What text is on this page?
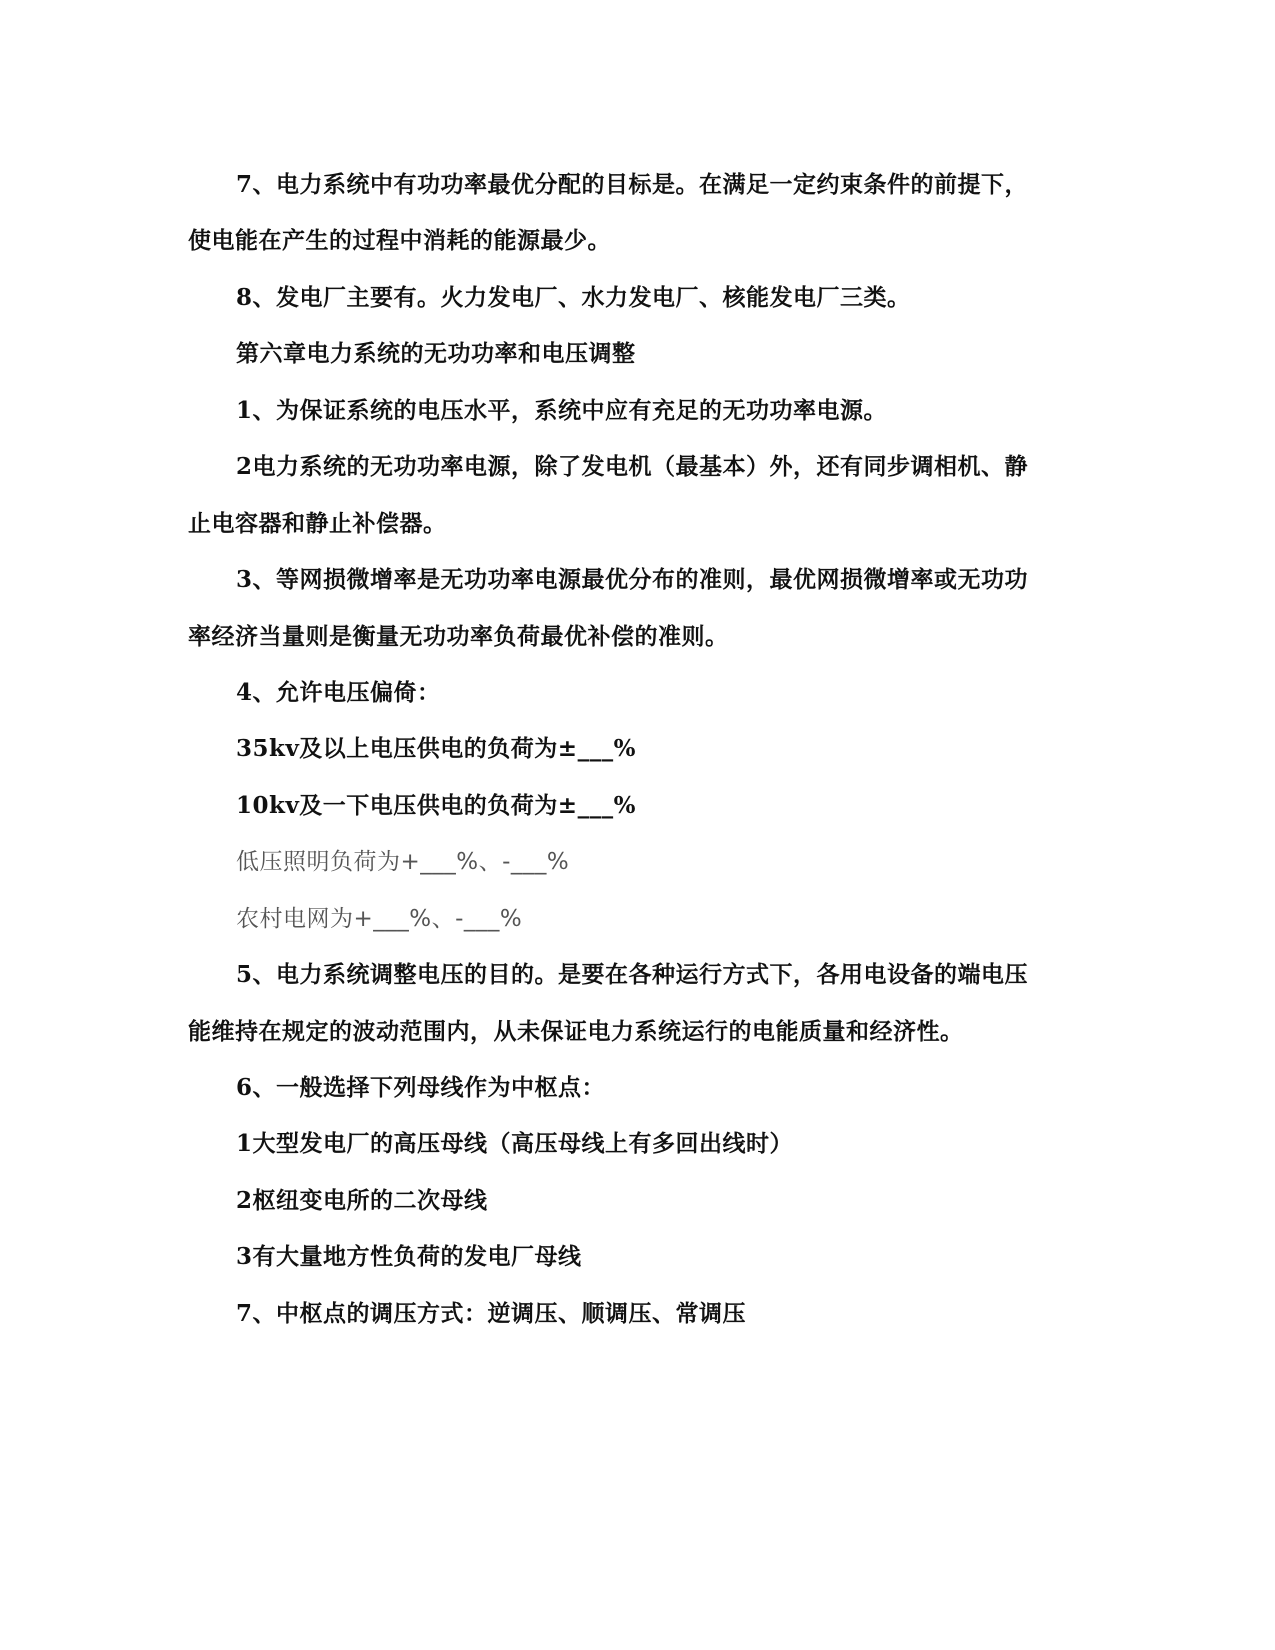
7、电力系统中有功功率最优分配的目标是。在满足一定约束条件的前提下，
使电能在产生的过程中消耗的能源最少。
8、发电厂主要有。火力发电厂、水力发电厂、核能发电厂三类。
第六章电力系统的无功功率和电压调整
1、为保证系统的电压水平，系统中应有充足的无功功率电源。
2电力系统的无功功率电源，除了发电机（最基本）外，还有同步调相机、静
止电容器和静止补偿器。
3、等网损微增率是无功功率电源最优分布的准则，最优网损微增率或无功功
率经济当量则是衡量无功功率负荷最优补偿的准则。
4、允许电压偏倚：
35kv及以上电压供电的负荷为±___%
10kv及一下电压供电的负荷为±___%
低压照明负荷为+___%、-___%
农村电网为+___%、-___%
5、电力系统调整电压的目的。是要在各种运行方式下，各用电设备的端电压
能维持在规定的波动范围内，从未保证电力系统运行的电能质量和经济性。
6、一般选择下列母线作为中枢点：
1大型发电厂的高压母线（高压母线上有多回出线时）
2枢纽变电所的二次母线
3有大量地方性负荷的发电厂母线
7、中枢点的调压方式：逆调压、顺调压、常调压
